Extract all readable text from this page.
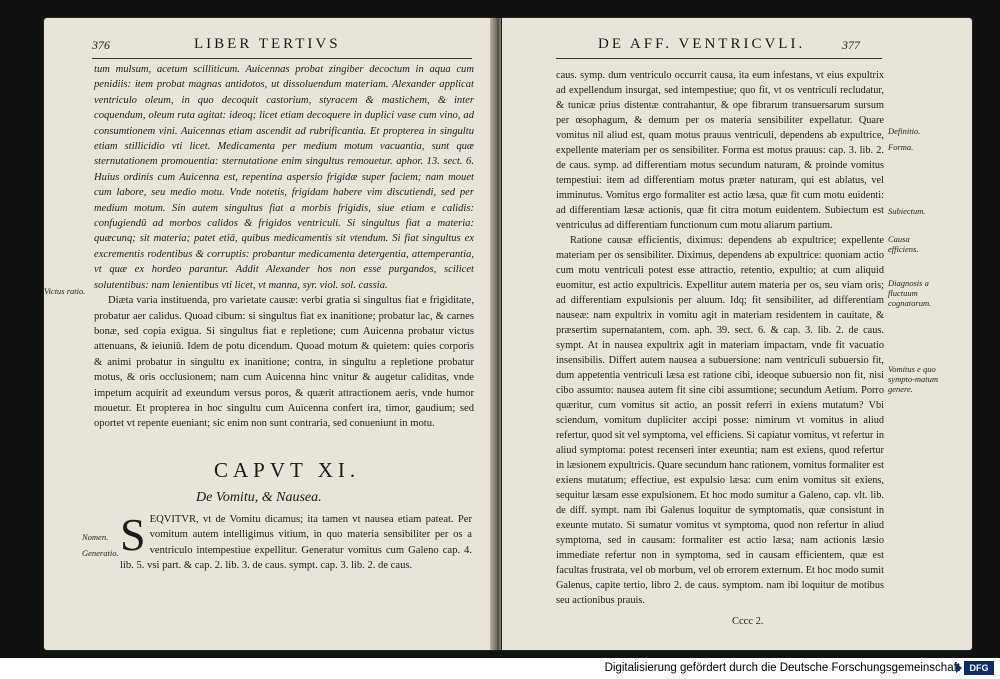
376	LIBER TERTIVS

tum mulsum, acetum scilliticum. Auicennas probat zingiber decoctum in aqua cum penidiis: item probat magnas antidotos, ut dissoluendum materiam. Alexander applicat ventriculo oleum, in quo decoquit castorium, styracem & mastichem, & inter coquendum, oleum ruta agitat: ideoq; licet etiam decoquere in duplici vase cum vino, ad consumtionem vini. Auicennas etiam ascendit ad rubrificantia. Et propterea in singultu etiam stillicidio vti licet. Medicamenta per medium motum vacuantia, sunt quæ sternutationem promouentia: sternutatione enim singultus remouetur. aphor. 13. sect. 6. Huius ordinis cum Auicenna est, repentina aspersio frigidæ super faciem; nam mouet cum labore, seu medio motu. Vnde notetis, frigidam habere vim discutiendi, sed per medium motum. Sin autem singultus fiat a morbis frigidis, siue etiam e calidis: confugiendū ad morbos calidos & frigidos ventriculi. Si singultus fiat a materia: quæcunq; sit materia; patet etiā, quibus medicamentis sit vtendum. Si fiat singultus ex excrementis rodentibus & corruptis: probantur medicamenta detergentia, attemperantia, vt quæ ex hordeo parantur. Addit Alexander hos non esse purgandos, scilicet solutentibus: nam lenientibus vti licet, vt manna, syr. viol. sol. cassia.

Diæta varia instituenda, pro varietate causæ: verbi gratia si singultus fiat e frigiditate, probatur aer calidus. Quoad cibum: si singultus fiat ex inanitione; probatur lac, & carnes bonæ, sed copia exigua. Si singultus fiat e repletione; cum Auicenna probatur victus attenuans, & ieiuniū. Idem de potu dicendum. Quoad motum & quietem: quies corporis & animi probatur in singultu ex inanitione; contra, in singultu a repletione probatur motus, & oris occlusionem; nam cum Auicenna hinc vnitur & augetur caliditas, vnde impetum acquirit ad exeundum versus poros, & quærit attractionem aeris, vnde humor mouetur. Et propterea in hoc singultu cum Auicenna confert ira, timor, gaudium; sed oportet vt repente eueniant; sic enim non sunt contraria, sed conueniunt in motu.

Victus ratio.
CAPVT XI.
De Vomitu, & Nausea.
S EQVITVR, vt de Vomitu dicamus; ita tamen vt nausea etiam pateat. Per vomitum autem intelligimus vitium, in quo materia sensibiliter per os a ventriculo intempestiue expellitur. Generatur vomitus cum Galeno cap. 4. lib. 5. vsi part. & cap. 2. lib. 3. de caus. sympt. cap. 3. lib. 2. de caus.
Nomen.
Generatio.
DE AFF. VENTRICVLI.	377

caus. symp. dum ventriculo occurrit causa, ita eum infestans, vt eius expultrix ad expellendum insurgat, sed intempestiue; quo fit, vt os ventriculi recludatur, & tunicæ prius distentæ contrahantur, & ope fibrarum transuersarum sursum per œsophagum, & demum per os materia sensibiliter expellatur. Quare vomitus nil aliud est, quam motus prauus ventriculi, dependens ab expultrice, expellente materiam per os sensibiliter. Forma est motus prauus: cap. 3. lib. 2. de caus. symp. ad differentiam motus secundum naturam, & proinde vomitus tempestiui: item ad differentiam motus præter naturam, qui est ablatus, vel imminutus. Vomitus ergo formaliter est actio læsa, quæ fit cum motu euidenti: ad differentiam læsæ actionis, quæ fit citra motum euidentem. Subiectum est ventriculus ad differentiam functionum cum motu aliarum partium.

Ratione causæ efficientis, diximus: dependens ab expultrice; expellente materiam per os sensibiliter. Diximus, dependens ab expultrice: quoniam actio cum motu ventriculi potest esse attractio, retentio, expultio; at cum aliquid euomitur, est actio expultricis. Expellitur autem materia per os, seu viam oris; ad differentiam expulsionis per aluum. Idq; fit sensibiliter, ad differentiam nauseæ: nam expultrix in vomitu agit in materiam residentem in cauitate, & præsertim supernatantem, com. aph. 39. sect. 6. & cap. 3. lib. 2. de caus. sympt. At in nausea expultrix agit in materiam impactam, vnde fit vacuatio insensibilis. Differt autem nausea a subuersione: nam ventriculi subuersio fit, dum appetentia ventriculi læsa est ratione cibi, ideoque subuersio non fit, nisi cibo assumto: nausea autem fit sine cibi assumtione; secundum Aetium. Porro quæritur, cum vomitus sit actio, an possit referri in exiens mutatum? Vbi sciendum, vomitum dupliciter accipi posse: nimirum vt vomitus in aliud refertur, quod sit vel symptoma, vel efficiens. Si capiatur vomitus, vt refertur in aliud symptoma: potest recenseri inter exeuntia; nam est exiens, quod refertur in læsionem expultricis. Quare secundum hanc rationem, vomitus formaliter est exiens mutatum; effectiue, est expulsio læsa: cum enim vomitus sit exiens, sequitur læsam esse expulsionem. Et hoc modo sumitur a Galeno, cap. vlt. lib. de diff. sympt. nam ibi Galenus loquitur de symptomatis, quæ consistunt in exeunte mutato. Si sumatur vomitus vt symptoma, quod non refertur in aliud symptoma, sed in causam: formaliter est actio læsa; nam actionis læsio immediate refertur non in symptoma, sed in causam efficientem, quæ est facultas frustrata, vel ob morbum, vel ob errorem externum. Et hoc modo sumit Galenus, capite tertio, libro 2. de caus. symptom. nam ibi loquitur de motibus seu actionibus prauis.

Definitio.
Forma.
Subiectum.
Causa efficiens.
Diagnosis a fluctuum cognatorum.
Vomitus e quo sympto-matum genere.
Cccc 2.
Digitalisierung gefördert durch die Deutsche Forschungsgemeinschaft	DFG
